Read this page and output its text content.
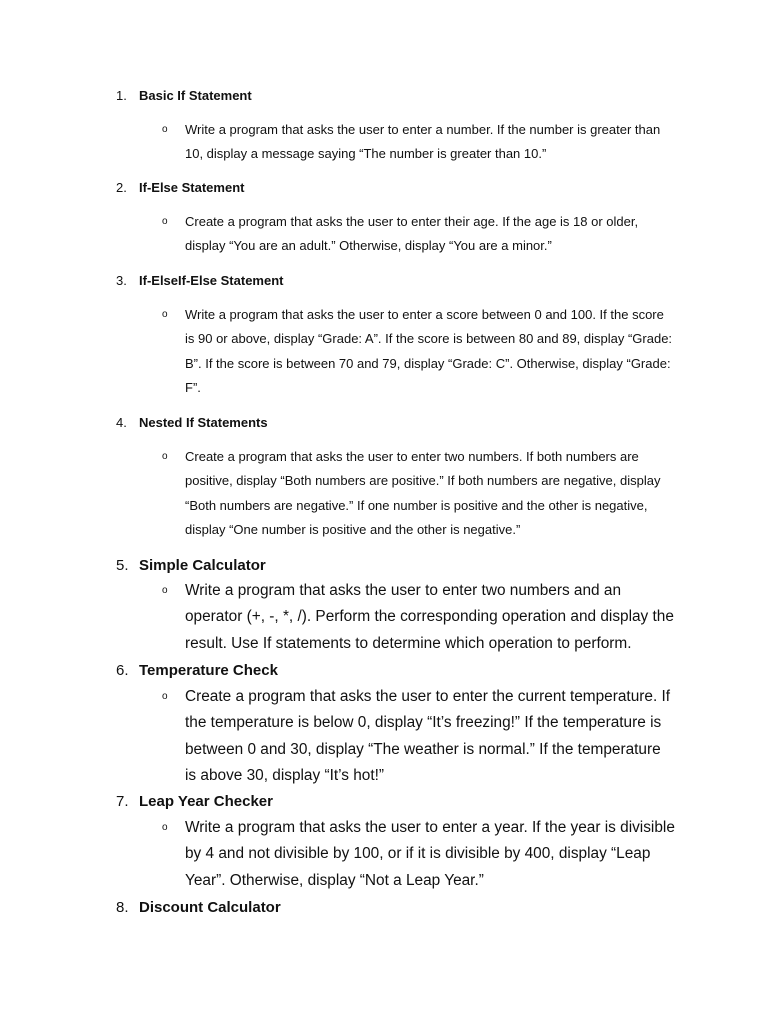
1. Basic If Statement
o	Write a program that asks the user to enter a number. If the number is greater than 10, display a message saying “The number is greater than 10.”
2. If-Else Statement
o	Create a program that asks the user to enter their age. If the age is 18 or older, display “You are an adult.” Otherwise, display “You are a minor.”
3. If-ElseIf-Else Statement
o	Write a program that asks the user to enter a score between 0 and 100. If the score is 90 or above, display “Grade: A”. If the score is between 80 and 89, display “Grade: B”. If the score is between 70 and 79, display “Grade: C”. Otherwise, display “Grade: F”.
4. Nested If Statements
o	Create a program that asks the user to enter two numbers. If both numbers are positive, display “Both numbers are positive.” If both numbers are negative, display “Both numbers are negative.” If one number is positive and the other is negative, display “One number is positive and the other is negative.”
5. Simple Calculator
o Write a program that asks the user to enter two numbers and an operator (+, -, *, /). Perform the corresponding operation and display the result. Use If statements to determine which operation to perform.
6. Temperature Check
o Create a program that asks the user to enter the current temperature. If the temperature is below 0, display “It’s freezing!” If the temperature is between 0 and 30, display “The weather is normal.” If the temperature is above 30, display “It’s hot!”
7. Leap Year Checker
o Write a program that asks the user to enter a year. If the year is divisible by 4 and not divisible by 100, or if it is divisible by 400, display “Leap Year”. Otherwise, display “Not a Leap Year.”
8. Discount Calculator
